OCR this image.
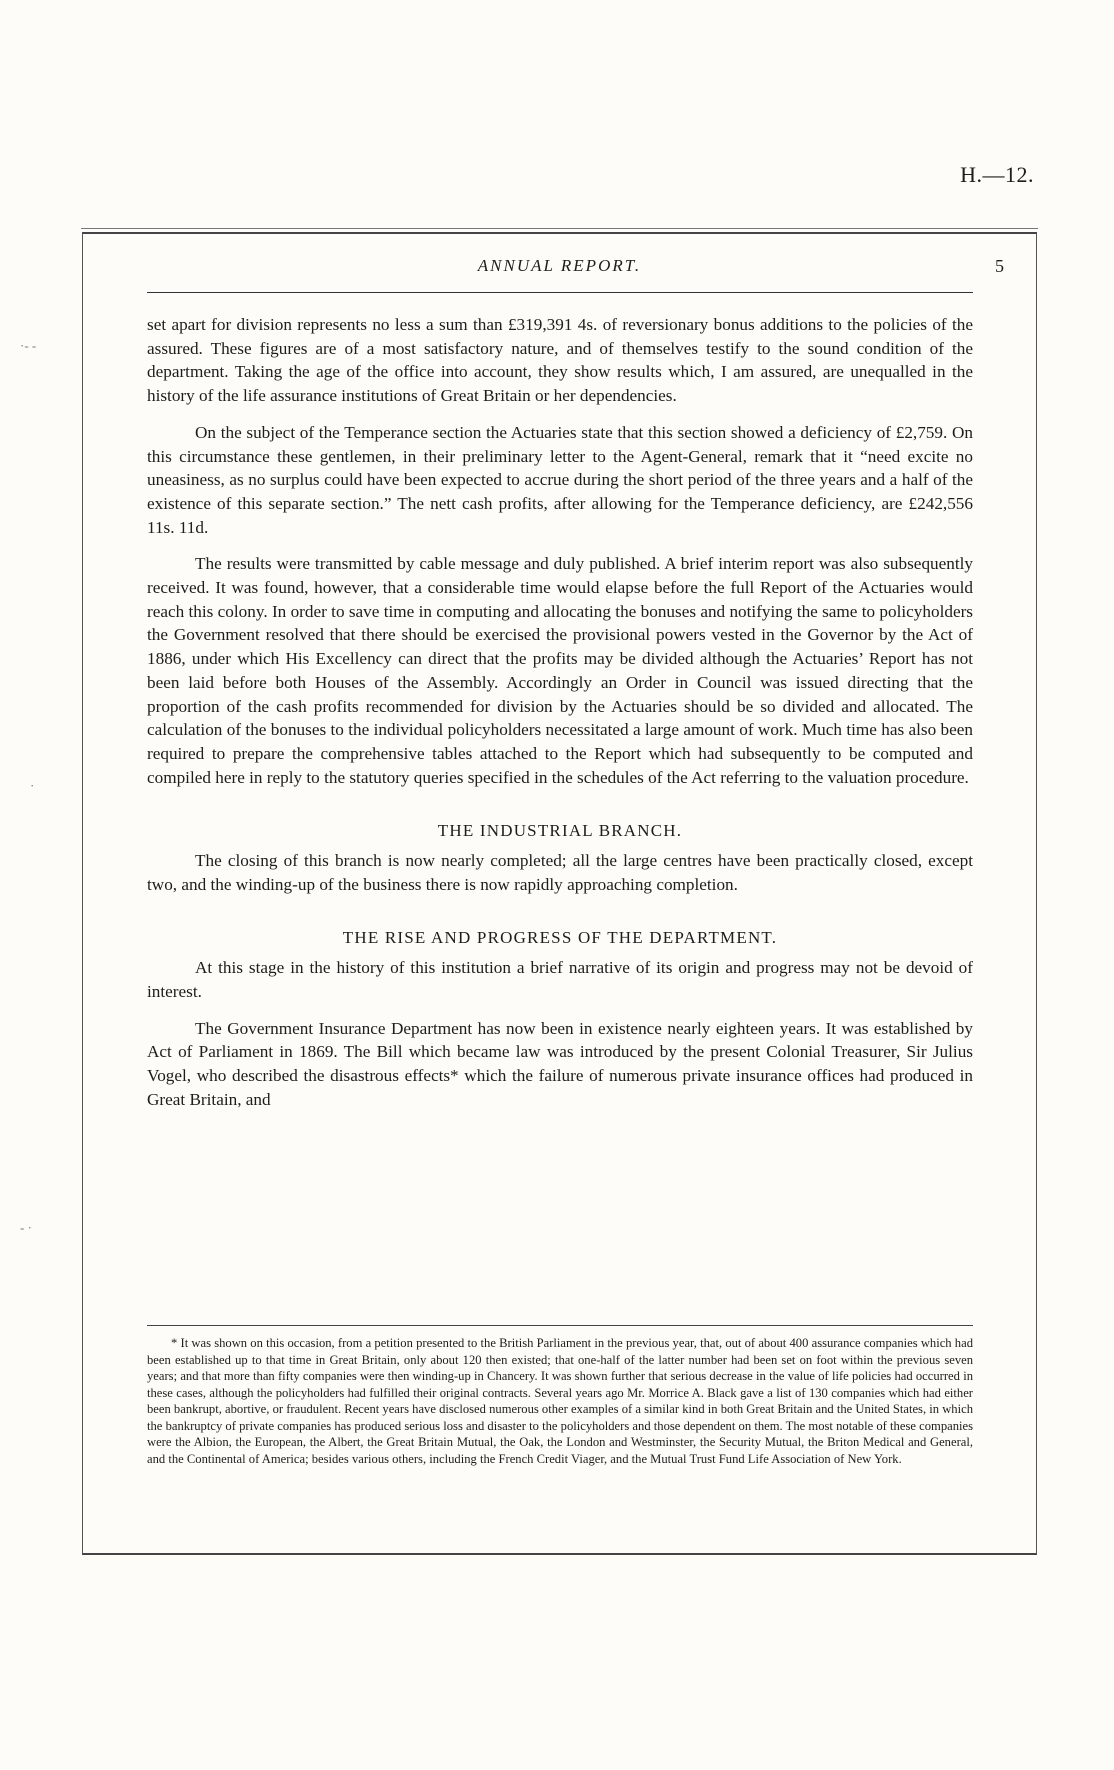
H.—12.
ANNUAL REPORT.	5
·- -
·
- ·

set apart for division represents no less a sum than £319,391 4s. of reversionary bonus additions to the policies of the assured. These figures are of a most satisfactory nature, and of themselves testify to the sound condition of the department. Taking the age of the office into account, they show results which, I am assured, are unequalled in the history of the life assurance institutions of Great Britain or her dependencies.

On the subject of the Temperance section the Actuaries state that this section showed a deficiency of £2,759. On this circumstance these gentlemen, in their preliminary letter to the Agent-General, remark that it “need excite no uneasiness, as no surplus could have been expected to accrue during the short period of the three years and a half of the existence of this separate section.” The nett cash profits, after allowing for the Temperance deficiency, are £242,556 11s. 11d.

The results were transmitted by cable message and duly published. A brief interim report was also subsequently received. It was found, however, that a considerable time would elapse before the full Report of the Actuaries would reach this colony. In order to save time in computing and allocating the bonuses and notifying the same to policyholders the Government resolved that there should be exercised the provisional powers vested in the Governor by the Act of 1886, under which His Excellency can direct that the profits may be divided although the Actuaries’ Report has not been laid before both Houses of the Assembly. Accordingly an Order in Council was issued directing that the proportion of the cash profits recommended for division by the Actuaries should be so divided and allocated. The calculation of the bonuses to the individual policyholders necessitated a large amount of work. Much time has also been required to prepare the comprehensive tables attached to the Report which had subsequently to be computed and compiled here in reply to the statutory queries specified in the schedules of the Act referring to the valuation procedure.

THE INDUSTRIAL BRANCH.

The closing of this branch is now nearly completed; all the large centres have been practically closed, except two, and the winding-up of the business there is now rapidly approaching completion.

THE RISE AND PROGRESS OF THE DEPARTMENT.

At this stage in the history of this institution a brief narrative of its origin and progress may not be devoid of interest.

The Government Insurance Department has now been in existence nearly eighteen years. It was established by Act of Parliament in 1869. The Bill which became law was introduced by the present Colonial Treasurer, Sir Julius Vogel, who described the disastrous effects* which the failure of numerous private insurance offices had produced in Great Britain, and

* It was shown on this occasion, from a petition presented to the British Parliament in the previous year, that, out of about 400 assurance companies which had been established up to that time in Great Britain, only about 120 then existed; that one-half of the latter number had been set on foot within the previous seven years; and that more than fifty companies were then winding-up in Chancery. It was shown further that serious decrease in the value of life policies had occurred in these cases, although the policyholders had fulfilled their original contracts. Several years ago Mr. Morrice A. Black gave a list of 130 companies which had either been bankrupt, abortive, or fraudulent. Recent years have disclosed numerous other examples of a similar kind in both Great Britain and the United States, in which the bankruptcy of private companies has produced serious loss and disaster to the policyholders and those dependent on them. The most notable of these companies were the Albion, the European, the Albert, the Great Britain Mutual, the Oak, the London and Westminster, the Security Mutual, the Briton Medical and General, and the Continental of America; besides various others, including the French Credit Viager, and the Mutual Trust Fund Life Association of New York.
